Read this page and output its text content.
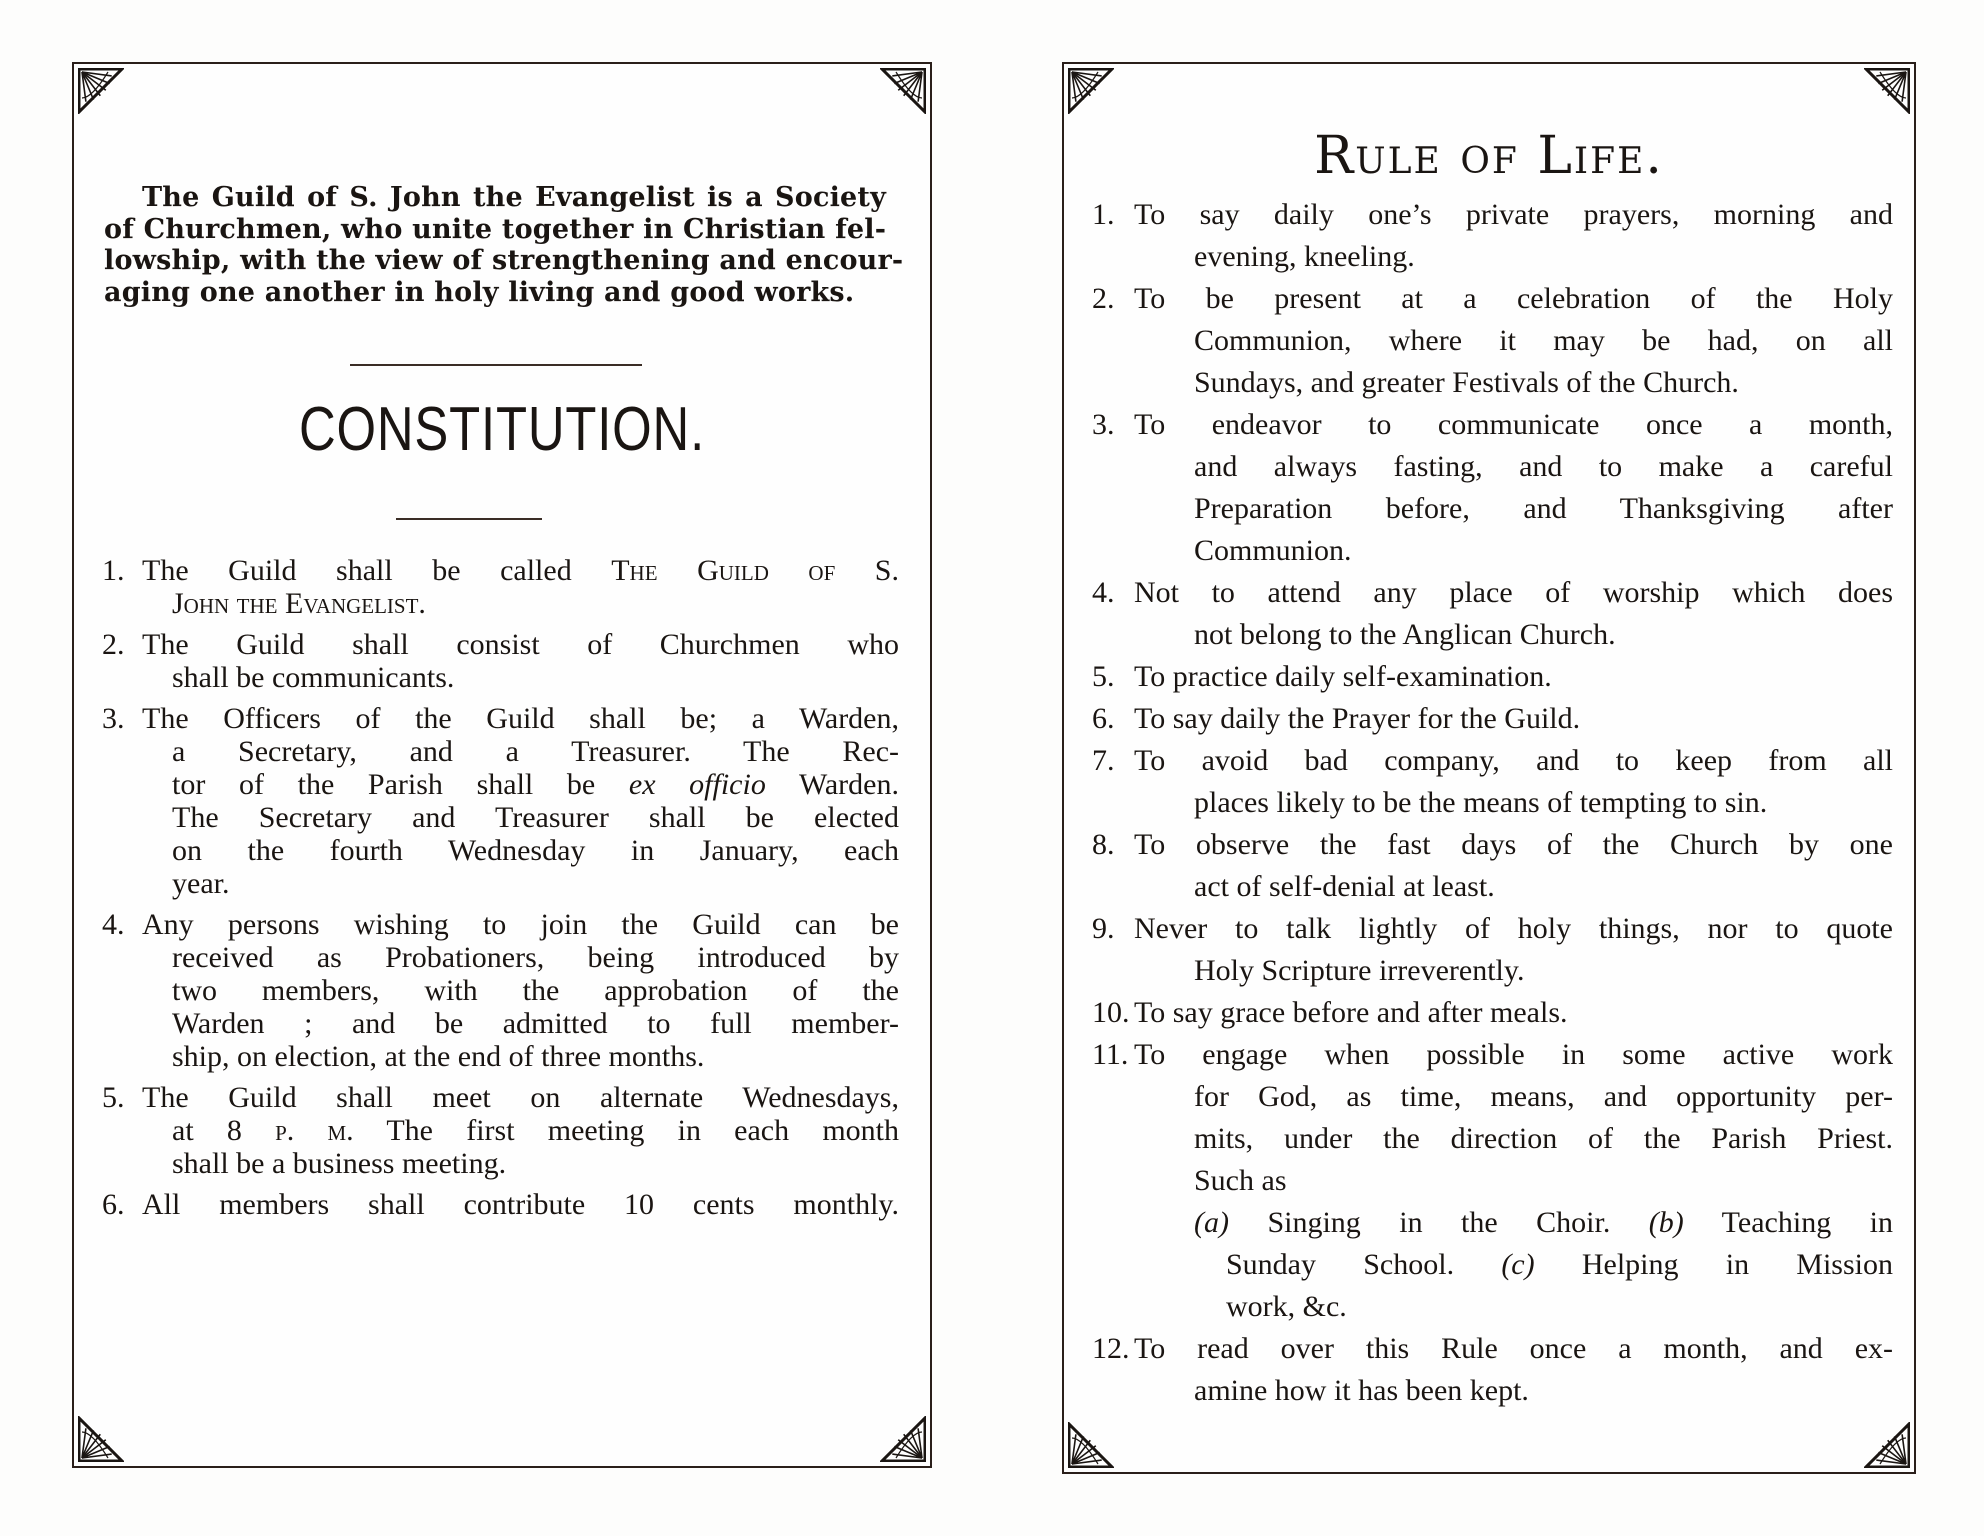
The Guild of S. John the Evangelist is a Society
of Churchmen, who unite together in Christian fel-
lowship, with the view of strengthening and encour-
aging one another in holy living and good works.
CONSTITUTION.
1. The Guild shall be called The Guild of S.
John the Evangelist.
2. The Guild shall consist of Churchmen who
shall be communicants.
3. The Officers of the Guild shall be; a Warden,
a Secretary, and a Treasurer. The Rec-
tor of the Parish shall be ex officio Warden.
The Secretary and Treasurer shall be elected
on the fourth Wednesday in January, each
year.
4. Any persons wishing to join the Guild can be
received as Probationers, being introduced by
two members, with the approbation of the
Warden ; and be admitted to full member-
ship, on election, at the end of three months.
5. The Guild shall meet on alternate Wednesdays,
at 8 p. m. The first meeting in each month
shall be a business meeting.
6. All members shall contribute 10 cents monthly.
Rule of Life.
1. To say daily one’s private prayers, morning and
evening, kneeling.
2. To be present at a celebration of the Holy
Communion, where it may be had, on all
Sundays, and greater Festivals of the Church.
3. To endeavor to communicate once a month,
and always fasting, and to make a careful
Preparation before, and Thanksgiving after
Communion.
4. Not to attend any place of worship which does
not belong to the Anglican Church.
5. To practice daily self-examination.
6. To say daily the Prayer for the Guild.
7. To avoid bad company, and to keep from all
places likely to be the means of tempting to sin.
8. To observe the fast days of the Church by one
act of self-denial at least.
9. Never to talk lightly of holy things, nor to quote
Holy Scripture irreverently.
10. To say grace before and after meals.
11. To engage when possible in some active work
for God, as time, means, and opportunity per-
mits, under the direction of the Parish Priest.
Such as
(a) Singing in the Choir. (b) Teaching in
Sunday School. (c) Helping in Mission
work, &c.
12. To read over this Rule once a month, and ex-
amine how it has been kept.
